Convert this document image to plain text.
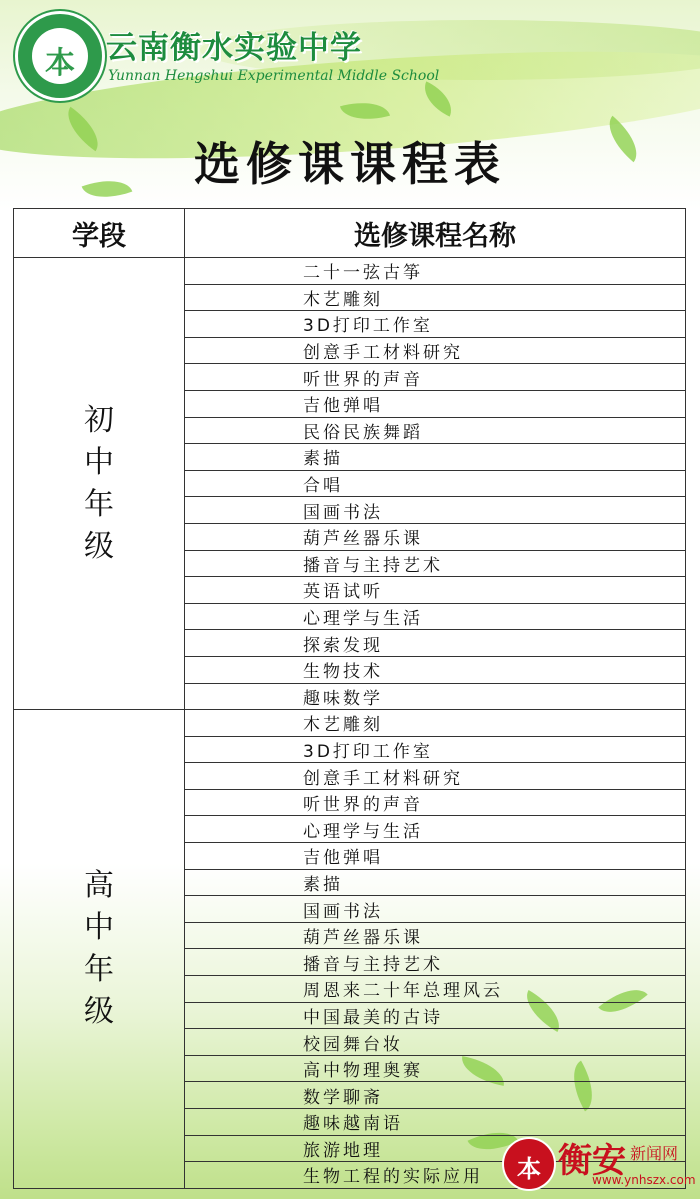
本	云南衡水实验中学
Yunnan Hengshui Experimental Middle School
选修课课程表
学段	选修课程名称
初中年级	二十一弦古筝
	木艺雕刻
	3D打印工作室
	创意手工材料研究
	听世界的声音
	吉他弹唱
	民俗民族舞蹈
	素描
	合唱
	国画书法
	葫芦丝器乐课
	播音与主持艺术
	英语试听
	心理学与生活
	探索发现
	生物技术
	趣味数学
高中年级	木艺雕刻
	3D打印工作室
	创意手工材料研究
	听世界的声音
	心理学与生活
	吉他弹唱
	素描
	国画书法
	葫芦丝器乐课
	播音与主持艺术
	周恩来二十年总理风云
	中国最美的古诗
	校园舞台妆
	高中物理奥赛
	数学聊斋
	趣味越南语
	旅游地理
	生物工程的实际应用	本 衡安 新闻网
www.ynhszx.com
